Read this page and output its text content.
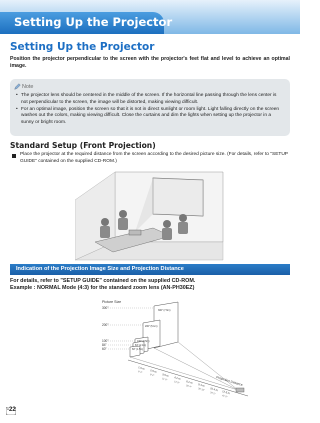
Setting Up the Projector
Setting Up the Projector
Position the projector perpendicular to the screen with the projector's feet flat and level to achieve an optimal image.
Note
• The projector lens should be centered in the middle of the screen. If the horizontal line passing through the lens center is not perpendicular to the screen, the image will be distorted, making viewing difficult.
• For an optimal image, position the screen so that it is not in direct sunlight or room light. Light falling directly on the screen washes out the colors, making viewing difficult. Close the curtains and dim the lights when setting up the projector in a sunny or bright room.
Standard Setup (Front Projection)
Place the projector at the required distance from the screen according to the desired picture size. (For details, refer to "SETUP GUIDE" contained on the supplied CD-ROM.)
Indication of the Projection Image Size and Projection Distance
For details, refer to "SETUP GUIDE" contained on the supplied CD-ROM.
Example : NORMAL Mode (4:3) for the standard zoom lens (AN-PH30EZ)
Picture Size
300"
200"
100"
84"
60"
300" (7.6m)
200" (5.1m)
100" (2.5m)
84" (2.1m)
60" (1.5m)
Projection Distance
1.9 m
2.5 m
3.5 m
4.2 m
6.2 m
9.4 m
10.4 m
12.5 m
6' 3"
8' 2"
11' 6"
13' 9"
20' 4"
30' 10"
34' 2"
41' 0"
-22
